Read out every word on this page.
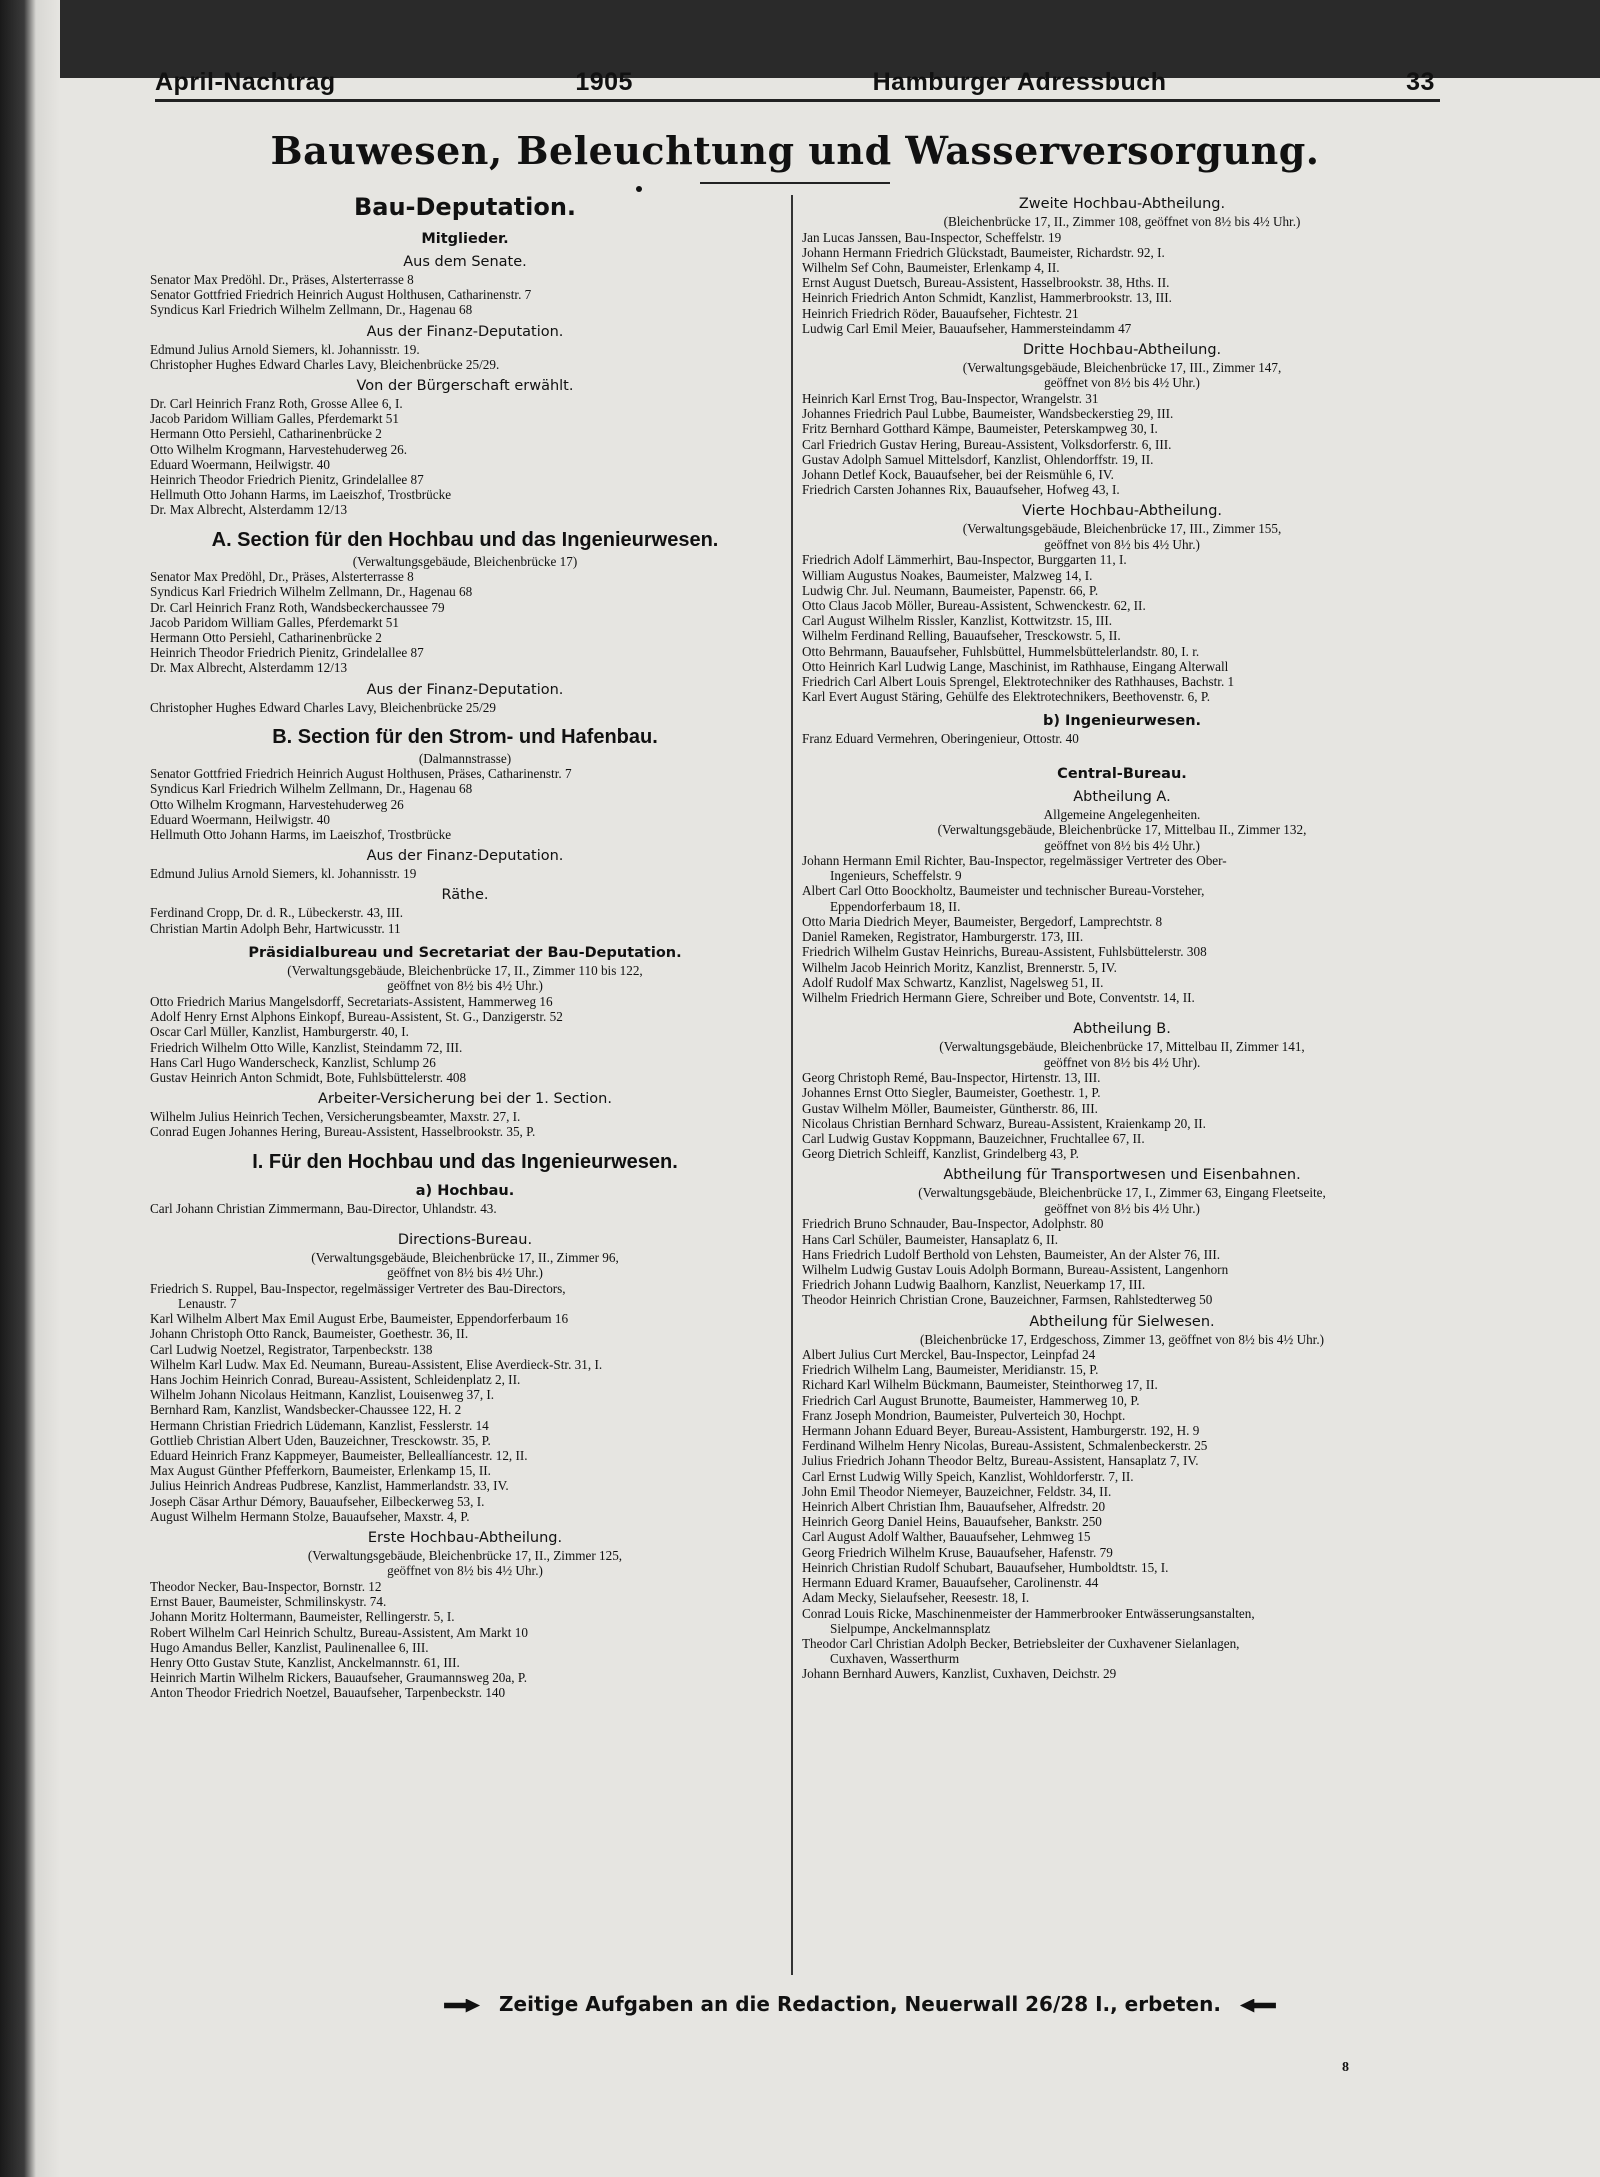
April-Nachtrag	1905	Hamburger Adressbuch	33
Bauwesen, Beleuchtung und Wasserversorgung.
Bau-Deputation.
Mitglieder.
Aus dem Senate.
Senator Max Predöhl. Dr., Präses, Alsterterrasse 8
Senator Gottfried Friedrich Heinrich August Holthusen, Catharinenstr. 7
Syndicus Karl Friedrich Wilhelm Zellmann, Dr., Hagenau 68
Aus der Finanz-Deputation.
Edmund Julius Arnold Siemers, kl. Johannisstr. 19.
Christopher Hughes Edward Charles Lavy, Bleichenbrücke 25/29.
Von der Bürgerschaft erwählt.
Dr. Carl Heinrich Franz Roth, Grosse Allee 6, I.
Jacob Paridom William Galles, Pferdemarkt 51
Hermann Otto Persiehl, Catharinenbrücke 2
Otto Wilhelm Krogmann, Harvestehuderweg 26.
Eduard Woermann, Heilwigstr. 40
Heinrich Theodor Friedrich Pienitz, Grindelallee 87
Hellmuth Otto Johann Harms, im Laeiszhof, Trostbrücke
Dr. Max Albrecht, Alsterdamm 12/13
A. Section für den Hochbau und das Ingenieurwesen.
(Verwaltungsgebäude, Bleichenbrücke 17)
Senator Max Predöhl, Dr., Präses, Alsterterrasse 8
Syndicus Karl Friedrich Wilhelm Zellmann, Dr., Hagenau 68
Dr. Carl Heinrich Franz Roth, Wandsbeckerchaussee 79
Jacob Paridom William Galles, Pferdemarkt 51
Hermann Otto Persiehl, Catharinenbrücke 2
Heinrich Theodor Friedrich Pienitz, Grindelallee 87
Dr. Max Albrecht, Alsterdamm 12/13
Aus der Finanz-Deputation.
Christopher Hughes Edward Charles Lavy, Bleichenbrücke 25/29
B. Section für den Strom- und Hafenbau.
(Dalmannstrasse)
Senator Gottfried Friedrich Heinrich August Holthusen, Präses, Catharinenstr. 7
Syndicus Karl Friedrich Wilhelm Zellmann, Dr., Hagenau 68
Otto Wilhelm Krogmann, Harvestehuderweg 26
Eduard Woermann, Heilwigstr. 40
Hellmuth Otto Johann Harms, im Laeiszhof, Trostbrücke
Aus der Finanz-Deputation.
Edmund Julius Arnold Siemers, kl. Johannisstr. 19
Räthe.
Ferdinand Cropp, Dr. d. R., Lübeckerstr. 43, III.
Christian Martin Adolph Behr, Hartwicusstr. 11
Präsidialbureau und Secretariat der Bau-Deputation.
(Verwaltungsgebäude, Bleichenbrücke 17, II., Zimmer 110 bis 122,
geöffnet von 8½ bis 4½ Uhr.)
Otto Friedrich Marius Mangelsdorff, Secretariats-Assistent, Hammerweg 16
Adolf Henry Ernst Alphons Einkopf, Bureau-Assistent, St. G., Danzigerstr. 52
Oscar Carl Müller, Kanzlist, Hamburgerstr. 40, I.
Friedrich Wilhelm Otto Wille, Kanzlist, Steindamm 72, III.
Hans Carl Hugo Wanderscheck, Kanzlist, Schlump 26
Gustav Heinrich Anton Schmidt, Bote, Fuhlsbüttelerstr. 408
Arbeiter-Versicherung bei der 1. Section.
Wilhelm Julius Heinrich Techen, Versicherungsbeamter, Maxstr. 27, I.
Conrad Eugen Johannes Hering, Bureau-Assistent, Hasselbrookstr. 35, P.
I. Für den Hochbau und das Ingenieurwesen.
a) Hochbau.
Carl Johann Christian Zimmermann, Bau-Director, Uhlandstr. 43.
Directions-Bureau.
(Verwaltungsgebäude, Bleichenbrücke 17, II., Zimmer 96,
geöffnet von 8½ bis 4½ Uhr.)
Friedrich S. Ruppel, Bau-Inspector, regelmässiger Vertreter des Bau-Directors,
Lenaustr. 7
Karl Wilhelm Albert Max Emil August Erbe, Baumeister, Eppendorferbaum 16
Johann Christoph Otto Ranck, Baumeister, Goethestr. 36, II.
Carl Ludwig Noetzel, Registrator, Tarpenbeckstr. 138
Wilhelm Karl Ludw. Max Ed. Neumann, Bureau-Assistent, Elise Averdieck-Str. 31, I.
Hans Jochim Heinrich Conrad, Bureau-Assistent, Schleidenplatz 2, II.
Wilhelm Johann Nicolaus Heitmann, Kanzlist, Louisenweg 37, I.
Bernhard Ram, Kanzlist, Wandsbecker-Chaussee 122, H. 2
Hermann Christian Friedrich Lüdemann, Kanzlist, Fesslerstr. 14
Gottlieb Christian Albert Uden, Bauzeichner, Tresckowstr. 35, P.
Eduard Heinrich Franz Kappmeyer, Baumeister, Belleallíancestr. 12, II.
Max August Günther Pfefferkorn, Baumeister, Erlenkamp 15, II.
Julius Heinrich Andreas Pudbrese, Kanzlist, Hammerlandstr. 33, IV.
Joseph Cäsar Arthur Démory, Bauaufseher, Eilbeckerweg 53, I.
August Wilhelm Hermann Stolze, Bauaufseher, Maxstr. 4, P.
Erste Hochbau-Abtheilung.
(Verwaltungsgebäude, Bleichenbrücke 17, II., Zimmer 125,
geöffnet von 8½ bis 4½ Uhr.)
Theodor Necker, Bau-Inspector, Bornstr. 12
Ernst Bauer, Baumeister, Schmilinskystr. 74.
Johann Moritz Holtermann, Baumeister, Rellingerstr. 5, I.
Robert Wilhelm Carl Heinrich Schultz, Bureau-Assistent, Am Markt 10
Hugo Amandus Beller, Kanzlist, Paulinenallee 6, III.
Henry Otto Gustav Stute, Kanzlist, Anckelmannstr. 61, III.
Heinrich Martin Wilhelm Rickers, Bauaufseher, Graumannsweg 20a, P.
Anton Theodor Friedrich Noetzel, Bauaufseher, Tarpenbeckstr. 140
Zweite Hochbau-Abtheilung.
(Bleichenbrücke 17, II., Zimmer 108, geöffnet von 8½ bis 4½ Uhr.)
Jan Lucas Janssen, Bau-Inspector, Scheffelstr. 19
Johann Hermann Friedrich Glückstadt, Baumeister, Richardstr. 92, I.
Wilhelm Sef Cohn, Baumeister, Erlenkamp 4, II.
Ernst August Duetsch, Bureau-Assistent, Hasselbrookstr. 38, Hths. II.
Heinrich Friedrich Anton Schmidt, Kanzlist, Hammerbrookstr. 13, III.
Heinrich Friedrich Röder, Bauaufseher, Fichtestr. 21
Ludwig Carl Emil Meier, Bauaufseher, Hammersteindamm 47
Dritte Hochbau-Abtheilung.
(Verwaltungsgebäude, Bleichenbrücke 17, III., Zimmer 147,
geöffnet von 8½ bis 4½ Uhr.)
Heinrich Karl Ernst Trog, Bau-Inspector, Wrangelstr. 31
Johannes Friedrich Paul Lubbe, Baumeister, Wandsbeckerstieg 29, III.
Fritz Bernhard Gotthard Kämpe, Baumeister, Peterskampweg 30, I.
Carl Friedrich Gustav Hering, Bureau-Assistent, Volksdorferstr. 6, III.
Gustav Adolph Samuel Mittelsdorf, Kanzlist, Ohlendorffstr. 19, II.
Johann Detlef Kock, Bauaufseher, bei der Reismühle 6, IV.
Friedrich Carsten Johannes Rix, Bauaufseher, Hofweg 43, I.
Vierte Hochbau-Abtheilung.
(Verwaltungsgebäude, Bleichenbrücke 17, III., Zimmer 155,
geöffnet von 8½ bis 4½ Uhr.)
Friedrich Adolf Lämmerhirt, Bau-Inspector, Burggarten 11, I.
William Augustus Noakes, Baumeister, Malzweg 14, I.
Ludwig Chr. Jul. Neumann, Baumeister, Papenstr. 66, P.
Otto Claus Jacob Möller, Bureau-Assistent, Schwenckestr. 62, II.
Carl August Wilhelm Rissler, Kanzlist, Kottwitzstr. 15, III.
Wilhelm Ferdinand Relling, Bauaufseher, Tresckowstr. 5, II.
Otto Behrmann, Bauaufseher, Fuhlsbüttel, Hummelsbüttelerlandstr. 80, I. r.
Otto Heinrich Karl Ludwig Lange, Maschinist, im Rathhause, Eingang Alterwall
Friedrich Carl Albert Louis Sprengel, Elektrotechniker des Rathhauses, Bachstr. 1
Karl Evert August Stäring, Gehülfe des Elektrotechnikers, Beethovenstr. 6, P.
b) Ingenieurwesen.
Franz Eduard Vermehren, Oberingenieur, Ottostr. 40
Central-Bureau.
Abtheilung A.
Allgemeine Angelegenheiten.
(Verwaltungsgebäude, Bleichenbrücke 17, Mittelbau II., Zimmer 132,
geöffnet von 8½ bis 4½ Uhr.)
Johann Hermann Emil Richter, Bau-Inspector, regelmässiger Vertreter des Ober-
Ingenieurs, Scheffelstr. 9
Albert Carl Otto Boockholtz, Baumeister und technischer Bureau-Vorsteher,
Eppendorferbaum 18, II.
Otto Maria Diedrich Meyer, Baumeister, Bergedorf, Lamprechtstr. 8
Daniel Rameken, Registrator, Hamburgerstr. 173, III.
Friedrich Wilhelm Gustav Heinrichs, Bureau-Assistent, Fuhlsbüttelerstr. 308
Wilhelm Jacob Heinrich Moritz, Kanzlist, Brennerstr. 5, IV.
Adolf Rudolf Max Schwartz, Kanzlist, Nagelsweg 51, II.
Wilhelm Friedrich Hermann Giere, Schreiber und Bote, Conventstr. 14, II.
Abtheilung B.
(Verwaltungsgebäude, Bleichenbrücke 17, Mittelbau II, Zimmer 141,
geöffnet von 8½ bis 4½ Uhr).
Georg Christoph Remé, Bau-Inspector, Hirtenstr. 13, III.
Johannes Ernst Otto Siegler, Baumeister, Goethestr. 1, P.
Gustav Wilhelm Möller, Baumeister, Güntherstr. 86, III.
Nicolaus Christian Bernhard Schwarz, Bureau-Assistent, Kraienkamp 20, II.
Carl Ludwig Gustav Koppmann, Bauzeichner, Fruchtallee 67, II.
Georg Dietrich Schleiff, Kanzlist, Grindelberg 43, P.
Abtheilung für Transportwesen und Eisenbahnen.
(Verwaltungsgebäude, Bleichenbrücke 17, I., Zimmer 63, Eingang Fleetseite,
geöffnet von 8½ bis 4½ Uhr.)
Friedrich Bruno Schnauder, Bau-Inspector, Adolphstr. 80
Hans Carl Schüler, Baumeister, Hansaplatz 6, II.
Hans Friedrich Ludolf Berthold von Lehsten, Baumeister, An der Alster 76, III.
Wilhelm Ludwig Gustav Louis Adolph Bormann, Bureau-Assistent, Langenhorn
Friedrich Johann Ludwig Baalhorn, Kanzlist, Neuerkamp 17, III.
Theodor Heinrich Christian Crone, Bauzeichner, Farmsen, Rahlstedterweg 50
Abtheilung für Sielwesen.
(Bleichenbrücke 17, Erdgeschoss, Zimmer 13, geöffnet von 8½ bis 4½ Uhr.)
Albert Julius Curt Merckel, Bau-Inspector, Leinpfad 24
Friedrich Wilhelm Lang, Baumeister, Meridianstr. 15, P.
Richard Karl Wilhelm Bückmann, Baumeister, Steinthorweg 17, II.
Friedrich Carl August Brunotte, Baumeister, Hammerweg 10, P.
Franz Joseph Mondrion, Baumeister, Pulverteich 30, Hochpt.
Hermann Johann Eduard Beyer, Bureau-Assistent, Hamburgerstr. 192, H. 9
Ferdinand Wilhelm Henry Nicolas, Bureau-Assistent, Schmalenbeckerstr. 25
Julius Friedrich Johann Theodor Beltz, Bureau-Assistent, Hansaplatz 7, IV.
Carl Ernst Ludwig Willy Speich, Kanzlist, Wohldorferstr. 7, II.
John Emil Theodor Niemeyer, Bauzeichner, Feldstr. 34, II.
Heinrich Albert Christian Ihm, Bauaufseher, Alfredstr. 20
Heinrich Georg Daniel Heins, Bauaufseher, Bankstr. 250
Carl August Adolf Walther, Bauaufseher, Lehmweg 15
Georg Friedrich Wilhelm Kruse, Bauaufseher, Hafenstr. 79
Heinrich Christian Rudolf Schubart, Bauaufseher, Humboldtstr. 15, I.
Hermann Eduard Kramer, Bauaufseher, Carolinenstr. 44
Adam Mecky, Sielaufseher, Reesestr. 18, I.
Conrad Louis Ricke, Maschinenmeister der Hammerbrooker Entwässerungsanstalten,
Sielpumpe, Anckelmannsplatz
Theodor Carl Christian Adolph Becker, Betriebsleiter der Cuxhavener Sielanlagen,
Cuxhaven, Wasserthurm
Johann Bernhard Auwers, Kanzlist, Cuxhaven, Deichstr. 29
Zeitige Aufgaben an die Redaction, Neuerwall 26/28 I., erbeten.
8
